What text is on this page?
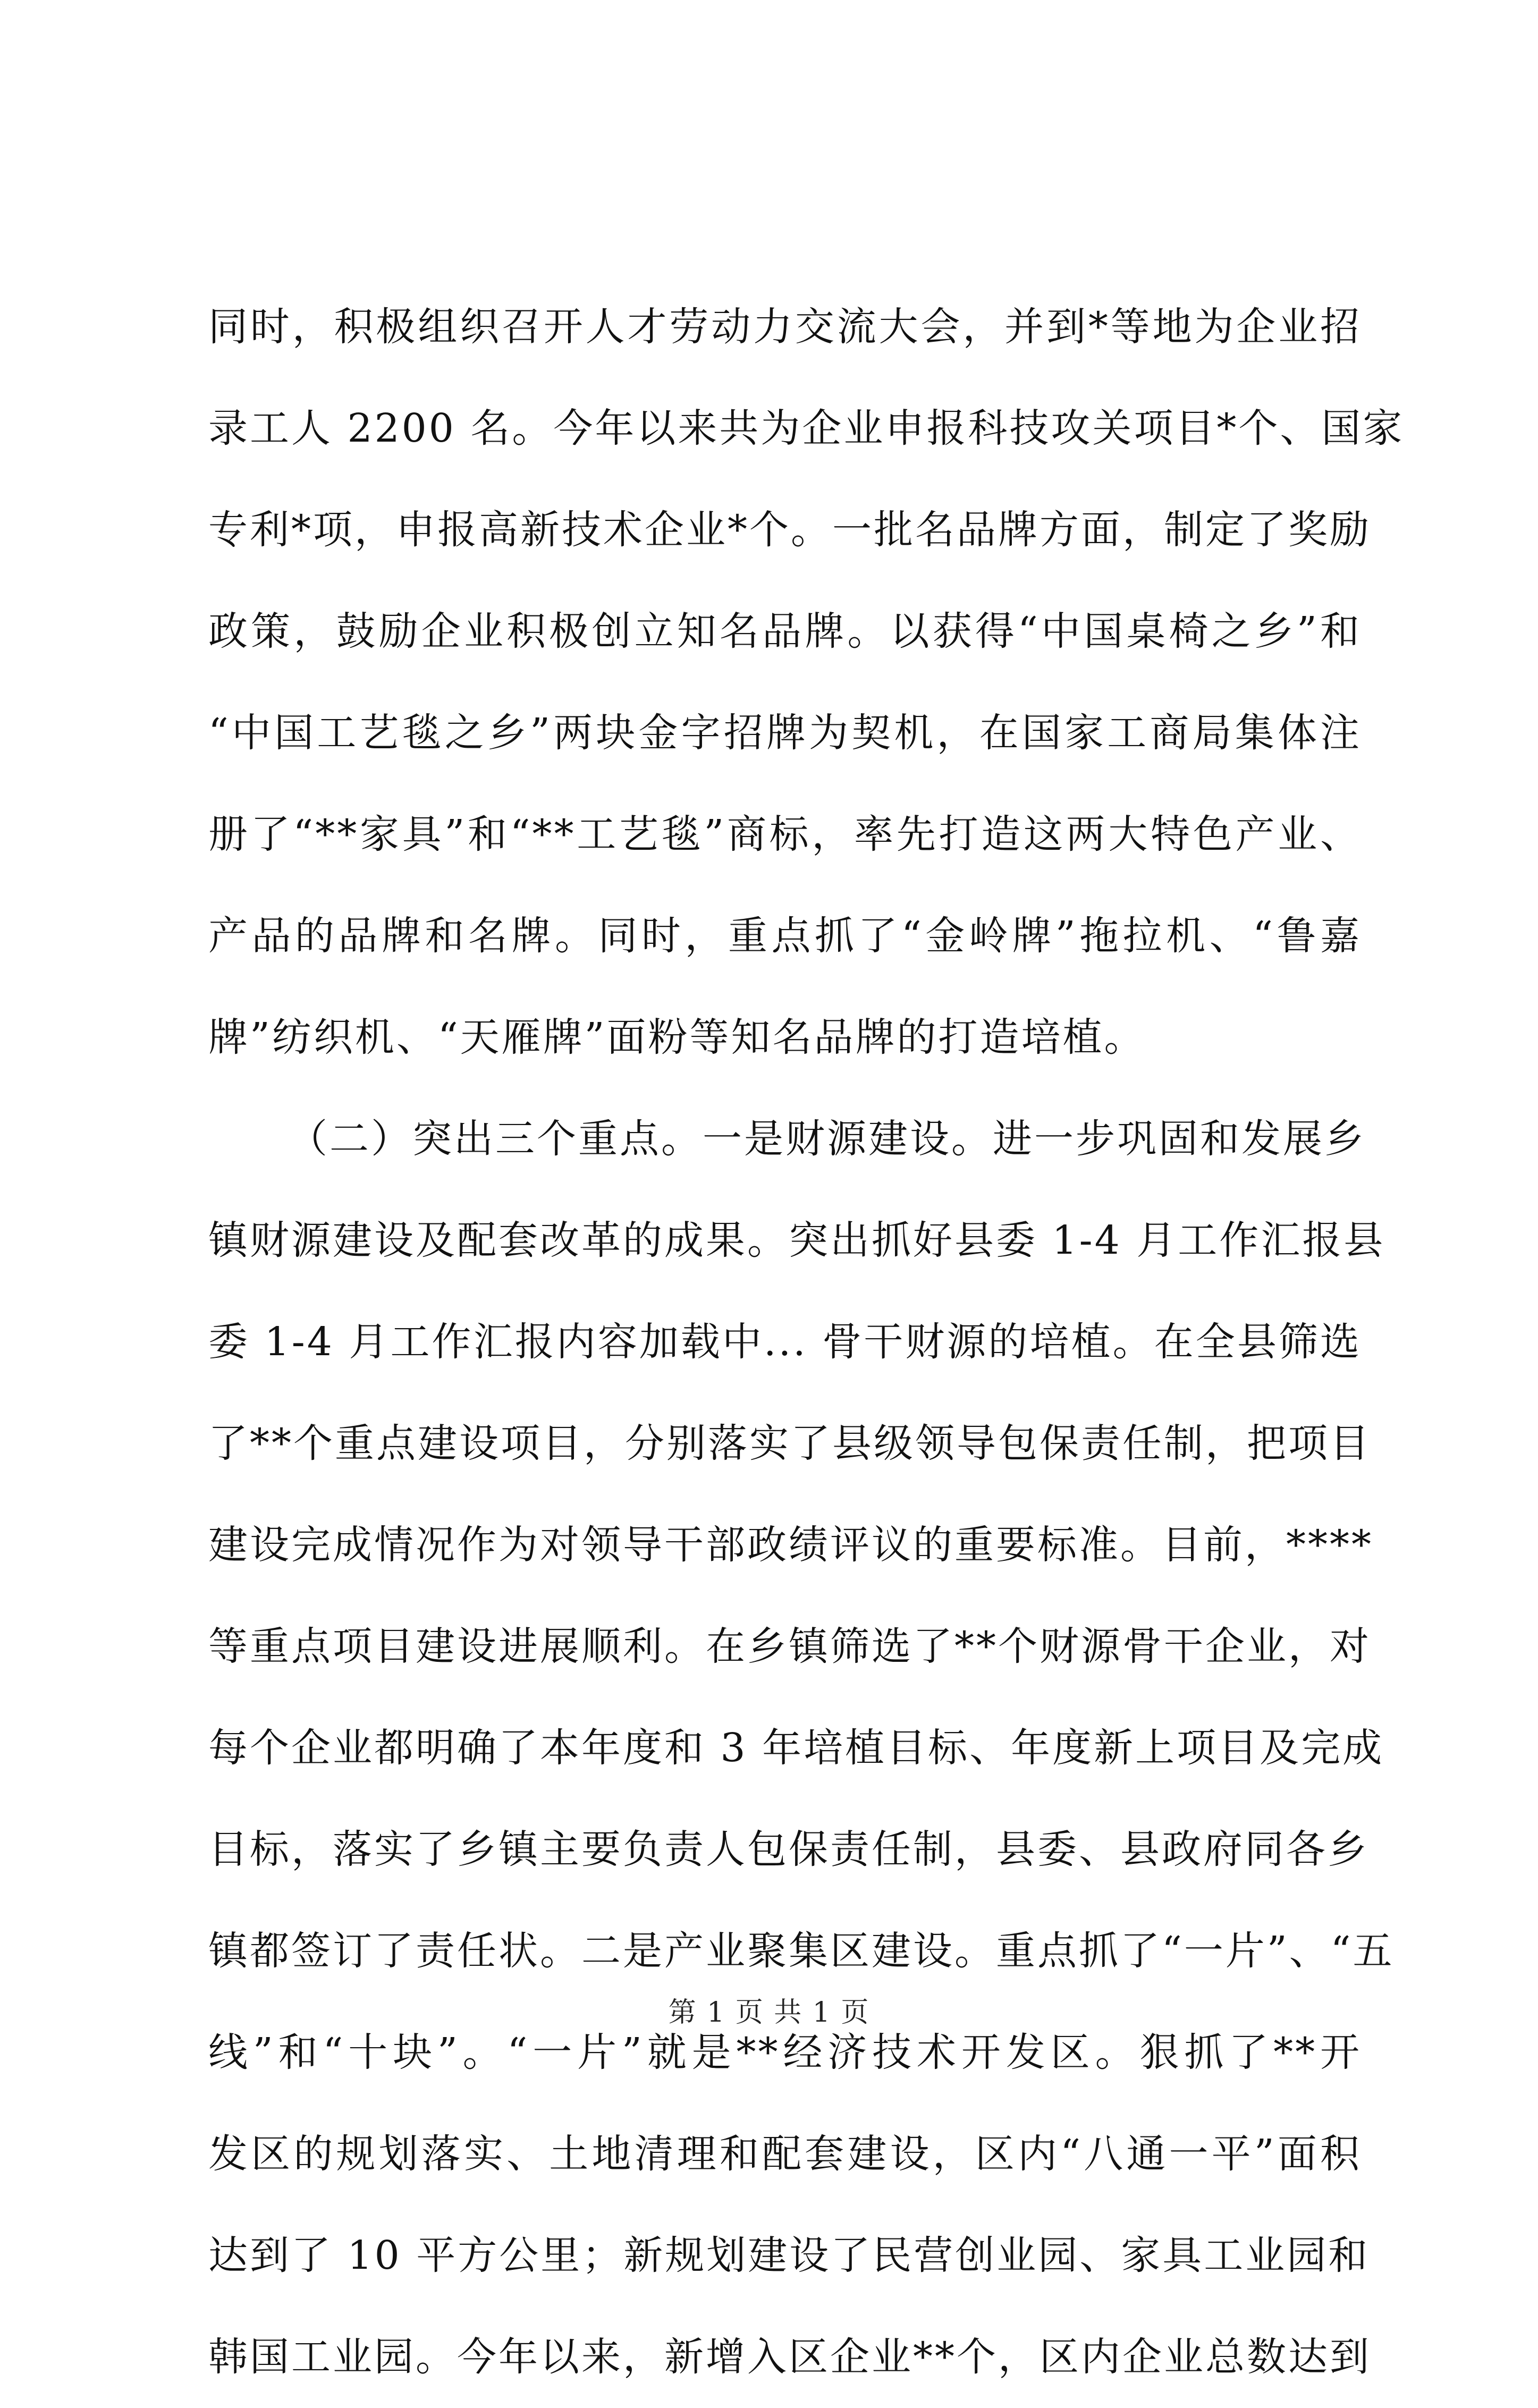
同时，积极组织召开人才劳动力交流大会，并到*等地为企业招
录工人 2200 名。今年以来共为企业申报科技攻关项目*个、国家
专利*项，申报高新技术企业*个。一批名品牌方面，制定了奖励
政策，鼓励企业积极创立知名品牌。以获得“中国桌椅之乡”和
“中国工艺毯之乡”两块金字招牌为契机，在国家工商局集体注
册了“**家具”和“**工艺毯”商标，率先打造这两大特色产业、
产品的品牌和名牌。同时，重点抓了“金岭牌”拖拉机、“鲁嘉
牌”纺织机、“天雁牌”面粉等知名品牌的打造培植。
（二）突出三个重点。一是财源建设。进一步巩固和发展乡
镇财源建设及配套改革的成果。突出抓好县委 1-4 月工作汇报县
委 1-4 月工作汇报内容加载中... 骨干财源的培植。在全县筛选
了**个重点建设项目，分别落实了县级领导包保责任制，把项目
建设完成情况作为对领导干部政绩评议的重要标准。目前，****
等重点项目建设进展顺利。在乡镇筛选了**个财源骨干企业，对
每个企业都明确了本年度和 3 年培植目标、年度新上项目及完成
目标，落实了乡镇主要负责人包保责任制，县委、县政府同各乡
镇都签订了责任状。二是产业聚集区建设。重点抓了“一片”、“五
线”和“十块”。“一片”就是**经济技术开发区。狠抓了**开
发区的规划落实、土地清理和配套建设，区内“八通一平”面积
达到了 10 平方公里；新规划建设了民营创业园、家具工业园和
韩国工业园。今年以来，新增入区企业**个，区内企业总数达到
第 1 页 共 1 页
